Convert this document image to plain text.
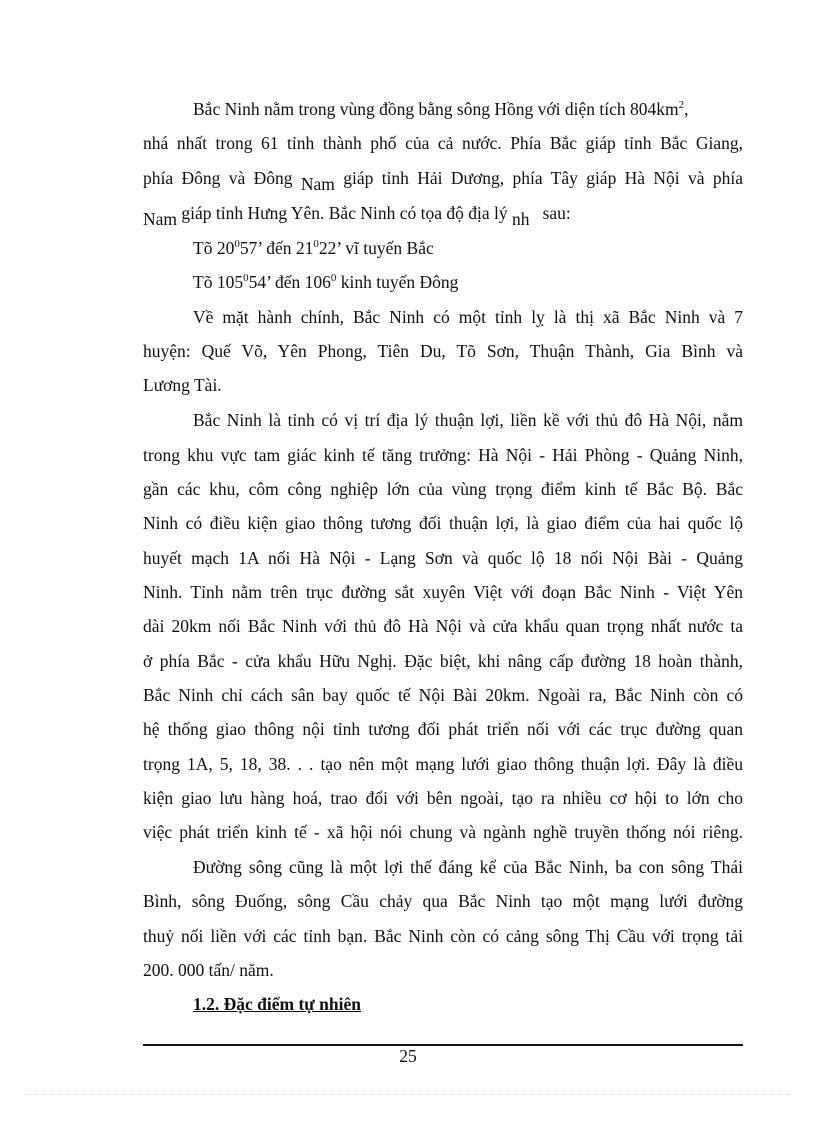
Bắc Ninh nằm trong vùng đồng bằng sông Hồng với diện tích $804km^2$,
nhá nhất trong 61 tỉnh thành phố của cả nước. Phía Bắc giáp tỉnh Bắc Giang,
phía Đông và Đông Nam giáp tỉnh Hải Dương, phía Tây giáp Hà Nội và phía
Nam giáp tỉnh Hưng Yên. Bắc Ninh có tọa độ địa lý nh sau:
Tõ $20^057$’ đến $21^022$’ vĩ tuyến Bắc
Tõ $105^054$’ đến $106^0$ kinh tuyến Đông
Về mặt hành chính, Bắc Ninh có một tỉnh lỵ là thị xã Bắc Ninh và 7
huyện: Quế Võ, Yên Phong, Tiên Du, Tõ Sơn, Thuận Thành, Gia Bình và
Lương Tài.
Bắc Ninh là tỉnh có vị trí địa lý thuận lợi, liền kề với thủ đô Hà Nội, nằm
trong khu vực tam giác kinh tế tăng trưởng: Hà Nội - Hải Phòng - Quảng Ninh,
gần các khu, côm công nghiệp lớn của vùng trọng điểm kinh tế Bắc Bộ. Bắc
Ninh có điều kiện giao thông tương đối thuận lợi, là giao điểm của hai quốc lộ
huyết mạch 1A nối Hà Nội - Lạng Sơn và quốc lộ 18 nối Nội Bài - Quảng
Ninh. Tỉnh nằm trên trục đường sắt xuyên Việt với đoạn Bắc Ninh - Việt Yên
dài 20km nối Bắc Ninh với thủ đô Hà Nội và cửa khẩu quan trọng nhất nước ta
ở phía Bắc - cửa khẩu Hữu Nghị. Đặc biệt, khi nâng cấp đường 18 hoàn thành,
Bắc Ninh chỉ cách sân bay quốc tế Nội Bài 20km. Ngoài ra, Bắc Ninh còn có
hệ thống giao thông nội tỉnh tương đối phát triển nối với các trục đường quan
trọng 1A, 5, 18, 38. . . tạo nên một mạng lưới giao thông thuận lợi. Đây là điều
kiện giao lưu hàng hoá, trao đổi với bên ngoài, tạo ra nhiều cơ hội to lớn cho
việc phát triển kinh tế - xã hội nói chung và ngành nghề truyền thống nói riêng.
Đường sông cũng là một lợi thế đáng kể của Bắc Ninh, ba con sông Thái
Bình, sông Đuống, sông Cầu chảy qua Bắc Ninh tạo một mạng lưới đường
thuỷ nối liền với các tỉnh bạn. Bắc Ninh còn có cảng sông Thị Cầu với trọng tải
200. 000 tấn/ năm.
1.2. Đặc điểm tự nhiên
25
